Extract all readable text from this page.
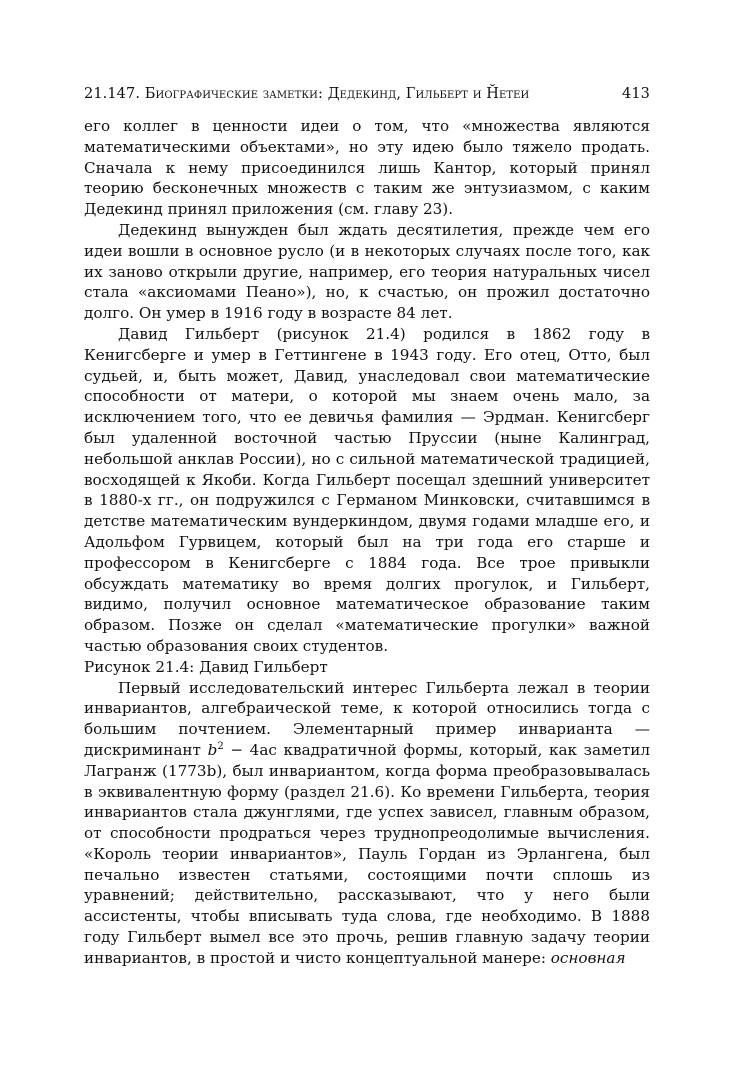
21.147. Биографические заметки: Дедекинд, Гильберт и Н̆етеи	413

его коллег в ценности идеи о том, что «множества являются математическими объектами», но эту идею было тяжело продать. Сначала к нему присоединился лишь Кантор, который принял теорию бесконечных множеств с таким же энтузиазмом, с каким Дедекинд принял приложения (см. главу 23).

Дедекинд вынужден был ждать десятилетия, прежде чем его идеи вошли в основное русло (и в некоторых случаях после того, как их заново открыли другие, например, его теория натуральных чисел стала «аксиомами Пеано»), но, к счастью, он прожил достаточно долго. Он умер в 1916 году в возрасте 84 лет.

Давид Гильберт (рисунок 21.4) родился в 1862 году в Кенигсберге и умер в Геттингене в 1943 году. Его отец, Отто, был судьей, и, быть может, Давид, унаследовал свои математические способности от матери, о которой мы знаем очень мало, за исключением того, что ее девичья фамилия — Эрдман. Кенигсберг был удаленной восточной частью Пруссии (ныне Калинград, небольшой анклав России), но с сильной математической традицией, восходящей к Якоби. Когда Гильберт посещал здешний университет в 1880-х гг., он подружился с Германом Минковски, считавшимся в детстве математическим вундеркиндом, двумя годами младше его, и Адольфом Гурвицем, который был на три года его старше и профессором в Кенигсберге с 1884 года. Все трое привыкли обсуждать математику во время долгих прогулок, и Гильберт, видимо, получил основное математическое образование таким образом. Позже он сделал «математические прогулки» важной частью образования своих студентов.

Рисунок 21.4: Давид Гильберт

Первый исследовательский интерес Гильберта лежал в теории инвариантов, алгебраической теме, к которой относились тогда с большим почтением. Элементарный пример инварианта — дискриминант $b^2 - 4ac$ квадратичной формы, который, как заметил Лагранж (1773b), был инвариантом, когда форма преобразовывалась в эквивалентную форму (раздел 21.6). Ко времени Гильберта, теория инвариантов стала джунглями, где успех зависел, главным образом, от способности продраться через труднопреодолимые вычисления. «Король теории инвариантов», Пауль Гордан из Эрлангена, был печально известен статьями, состоящими почти сплошь из уравнений; действительно, рассказывают, что у него были ассистенты, чтобы вписывать туда слова, где необходимо. В 1888 году Гильберт вымел все это прочь, решив главную задачу теории инвариантов, в простой и чисто концептуальной манере: основная
